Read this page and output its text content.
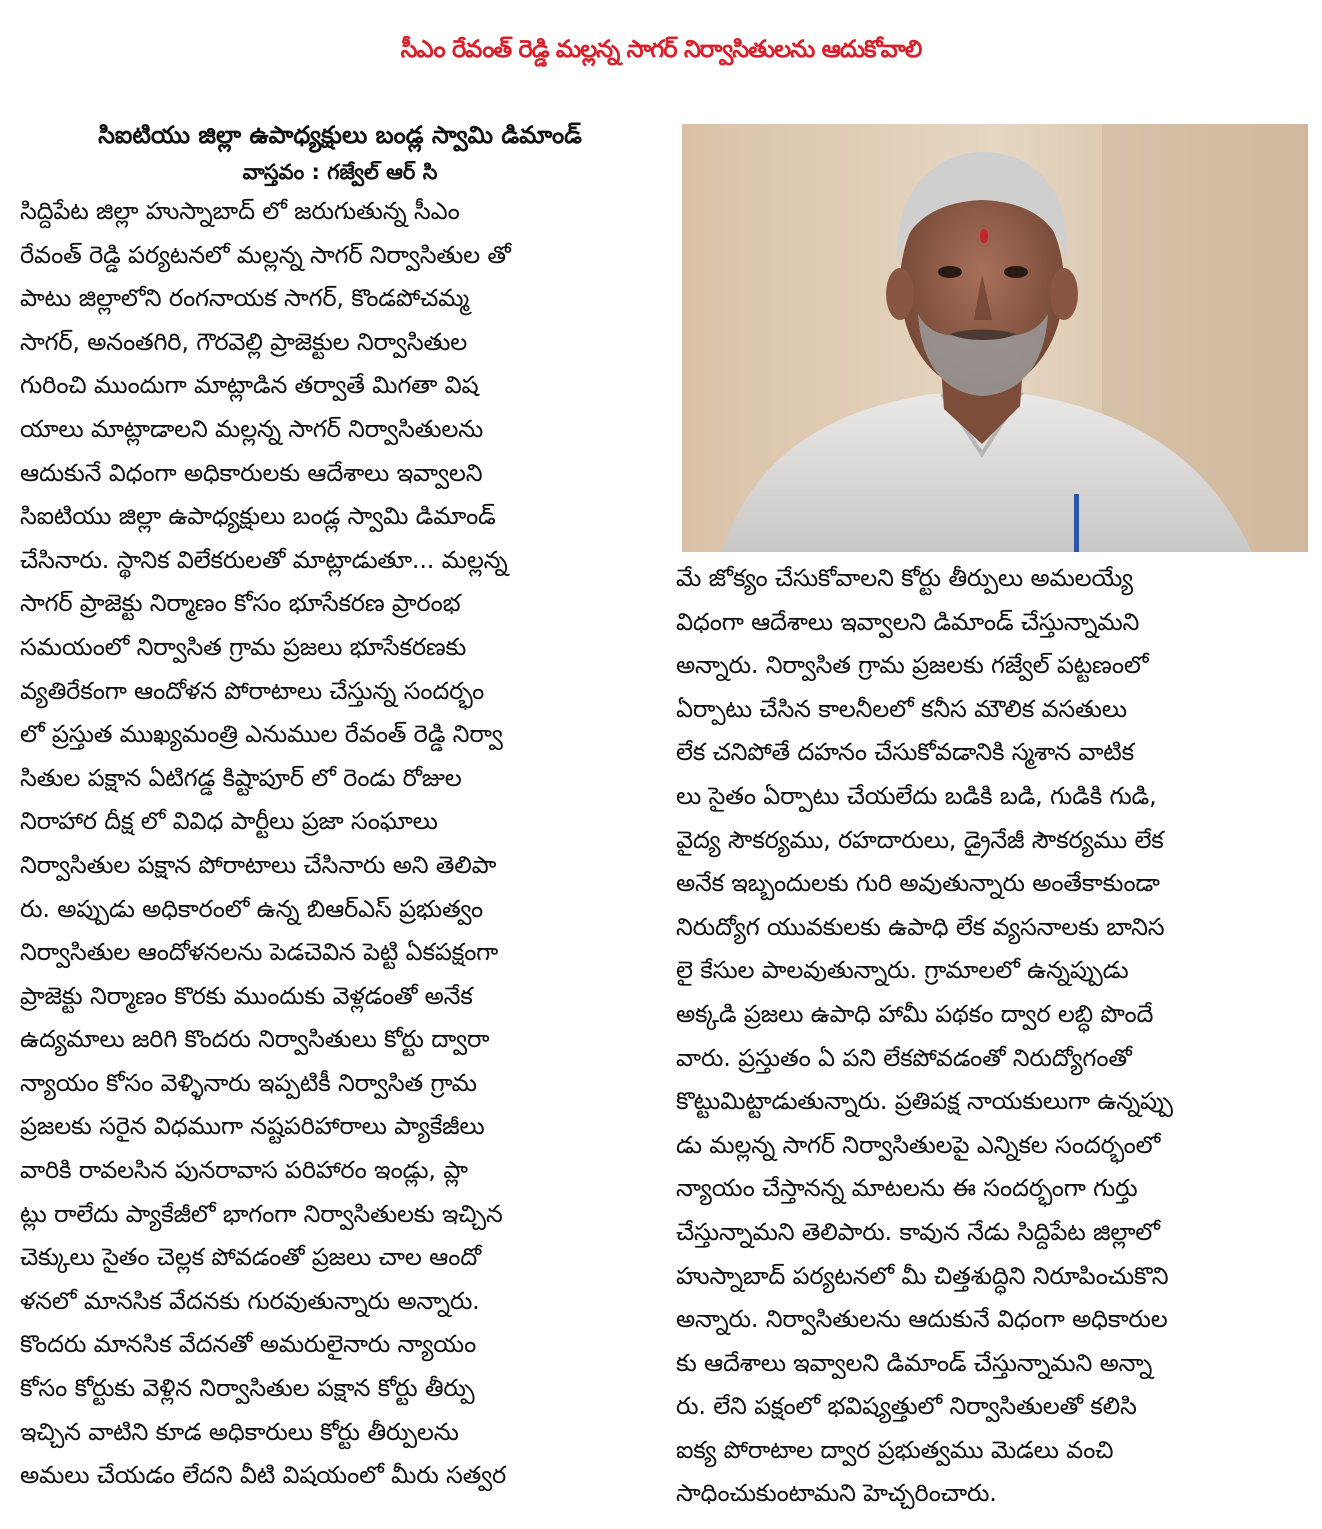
సీఎం రేవంత్ రెడ్డి మల్లన్న సాగర్ నిర్వాసితులను ఆదుకోవాలి
సిఐటియు జిల్లా ఉపాధ్యక్షులు బండ్ల స్వామి డిమాండ్
వాస్తవం : గజ్వేల్ ఆర్ సి
సిద్దిపేట జిల్లా హుస్నాబాద్ లో జరుగుతున్న సీఎం
రేవంత్ రెడ్డి పర్యటనలో మల్లన్న సాగర్ నిర్వాసితుల తో
పాటు జిల్లాలోని రంగనాయక సాగర్, కొండపోచమ్మ
సాగర్, అనంతగిరి, గౌరవెల్లి ప్రాజెక్టుల నిర్వాసితుల
గురించి ముందుగా మాట్లాడిన తర్వాతే మిగతా విష
యాలు మాట్లాడాలని మల్లన్న సాగర్ నిర్వాసితులను
ఆదుకునే విధంగా అధికారులకు ఆదేశాలు ఇవ్వాలని
సిఐటియు జిల్లా ఉపాధ్యక్షులు బండ్ల స్వామి డిమాండ్
చేసినారు. స్థానిక విలేకరులతో మాట్లాడుతూ... మల్లన్న
సాగర్ ప్రాజెక్టు నిర్మాణం కోసం భూసేకరణ ప్రారంభ
సమయంలో నిర్వాసిత గ్రామ ప్రజలు భూసేకరణకు
వ్యతిరేకంగా ఆందోళన పోరాటాలు చేస్తున్న సందర్భం
లో ప్రస్తుత ముఖ్యమంత్రి ఎనుముల రేవంత్ రెడ్డి నిర్వా
సితుల పక్షాన ఏటిగడ్డ కిష్టాపూర్ లో రెండు రోజుల
నిరాహార దీక్ష లో వివిధ పార్టీలు ప్రజా సంఘాలు
నిర్వాసితుల పక్షాన పోరాటాలు చేసినారు అని తెలిపా
రు. అప్పుడు అధికారంలో ఉన్న బిఆర్ఎస్ ప్రభుత్వం
నిర్వాసితుల ఆందోళనలను పెడచెవిన పెట్టి ఏకపక్షంగా
ప్రాజెక్టు నిర్మాణం కొరకు ముందుకు వెళ్లడంతో అనేక
ఉద్యమాలు జరిగి కొందరు నిర్వాసితులు కోర్టు ద్వారా
న్యాయం కోసం వెళ్ళినారు ఇప్పటికీ నిర్వాసిత గ్రామ
ప్రజలకు సరైన విధముగా నష్టపరిహారాలు ప్యాకేజీలు
వారికి రావలసిన పునరావాస పరిహారం ఇండ్లు, ప్లా
ట్లు రాలేదు ప్యాకేజీలో భాగంగా నిర్వాసితులకు ఇచ్చిన
చెక్కులు సైతం చెల్లక పోవడంతో ప్రజలు చాల ఆందో
ళనలో మానసిక వేదనకు గురవుతున్నారు అన్నారు.
కొందరు మానసిక వేదనతో అమరులైనారు న్యాయం
కోసం కోర్టుకు వెళ్లిన నిర్వాసితుల పక్షాన కోర్టు తీర్పు
ఇచ్చిన వాటిని కూడ అధికారులు కోర్టు తీర్పులను
అమలు చేయడం లేదని వీటి విషయంలో మీరు సత్వర
మే జోక్యం చేసుకోవాలని కోర్టు తీర్పులు అమలయ్యే
విధంగా ఆదేశాలు ఇవ్వాలని డిమాండ్ చేస్తున్నామని
అన్నారు. నిర్వాసిత గ్రామ ప్రజలకు గజ్వేల్ పట్టణంలో
ఏర్పాటు చేసిన కాలనీలలో కనీస మౌలిక వసతులు
లేక చనిపోతే దహనం చేసుకోవడానికి స్మశాన వాటిక
లు సైతం ఏర్పాటు చేయలేదు బడికి బడి, గుడికి గుడి,
వైద్య సౌకర్యము, రహదారులు, డ్రైనేజీ సౌకర్యము లేక
అనేక ఇబ్బందులకు గురి అవుతున్నారు అంతేకాకుండా
నిరుద్యోగ యువకులకు ఉపాధి లేక వ్యసనాలకు బానిస
లై కేసుల పాలవుతున్నారు. గ్రామాలలో ఉన్నప్పుడు
అక్కడి ప్రజలు ఉపాధి హామీ పథకం ద్వార లబ్ధి పొందే
వారు. ప్రస్తుతం ఏ పని లేకపోవడంతో నిరుద్యోగంతో
కొట్టుమిట్టాడుతున్నారు. ప్రతిపక్ష నాయకులుగా ఉన్నప్పు
డు మల్లన్న సాగర్ నిర్వాసితులపై ఎన్నికల సందర్భంలో
న్యాయం చేస్తానన్న మాటలను ఈ సందర్భంగా గుర్తు
చేస్తున్నామని తెలిపారు. కావున నేడు సిద్దిపేట జిల్లాలో
హుస్నాబాద్ పర్యటనలో మీ చిత్తశుద్ధిని నిరూపించుకొని
అన్నారు. నిర్వాసితులను ఆదుకునే విధంగా అధికారుల
కు ఆదేశాలు ఇవ్వాలని డిమాండ్ చేస్తున్నామని అన్నా
రు. లేని పక్షంలో భవిష్యత్తులో నిర్వాసితులతో కలిసి
ఐక్య పోరాటాల ద్వార ప్రభుత్వము మెడలు వంచి
సాధించుకుంటామని హెచ్చరించారు.
